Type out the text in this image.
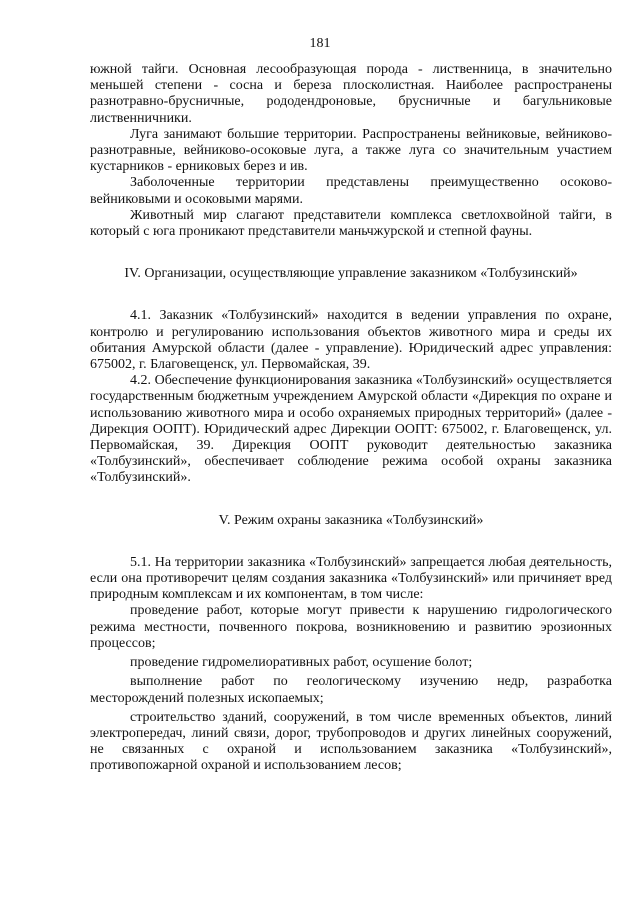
181

южной тайги. Основная лесообразующая порода - лиственница, в значительно меньшей степени - сосна и береза плосколистная. Наиболее распространены разнотравно-брусничные, рододендроновые, брусничные и багульниковые лиственничники.

Луга занимают большие территории. Распространены вейниковые, вейниково-разнотравные, вейниково-осоковые луга, а также луга со значительным участием кустарников - ерниковых берез и ив.

Заболоченные территории представлены преимущественно осоково-вейниковыми и осоковыми марями.

Животный мир слагают представители комплекса светлохвойной тайги, в который с юга проникают представители маньчжурской и степной фауны.

IV. Организации, осуществляющие управление заказником «Толбузинский»

4.1. Заказник «Толбузинский» находится в ведении управления по охране, контролю и регулированию использования объектов животного мира и среды их обитания Амурской области (далее - управление). Юридический адрес управления: 675002, г. Благовещенск, ул. Первомайская, 39.

4.2. Обеспечение функционирования заказника «Толбузинский» осуществляется государственным бюджетным учреждением Амурской области «Дирекция по охране и использованию животного мира и особо охраняемых природных территорий» (далее - Дирекция ООПТ). Юридический адрес Дирекции ООПТ: 675002, г. Благовещенск, ул. Первомайская, 39. Дирекция ООПТ руководит деятельностью заказника «Толбузинский», обеспечивает соблюдение режима особой охраны заказника «Толбузинский».

V. Режим охраны заказника «Толбузинский»

5.1. На территории заказника «Толбузинский» запрещается любая деятельность, если она противоречит целям создания заказника «Толбузинский» или причиняет вред природным комплексам и их компонентам, в том числе:

проведение работ, которые могут привести к нарушению гидрологического режима местности, почвенного покрова, возникновению и развитию эрозионных процессов;

проведение гидромелиоративных работ, осушение болот;

выполнение работ по геологическому изучению недр, разработка месторождений полезных ископаемых;

строительство зданий, сооружений, в том числе временных объектов, линий электропередач, линий связи, дорог, трубопроводов и других линейных сооружений, не связанных с охраной и использованием заказника «Толбузинский», противопожарной охраной и использованием лесов;
